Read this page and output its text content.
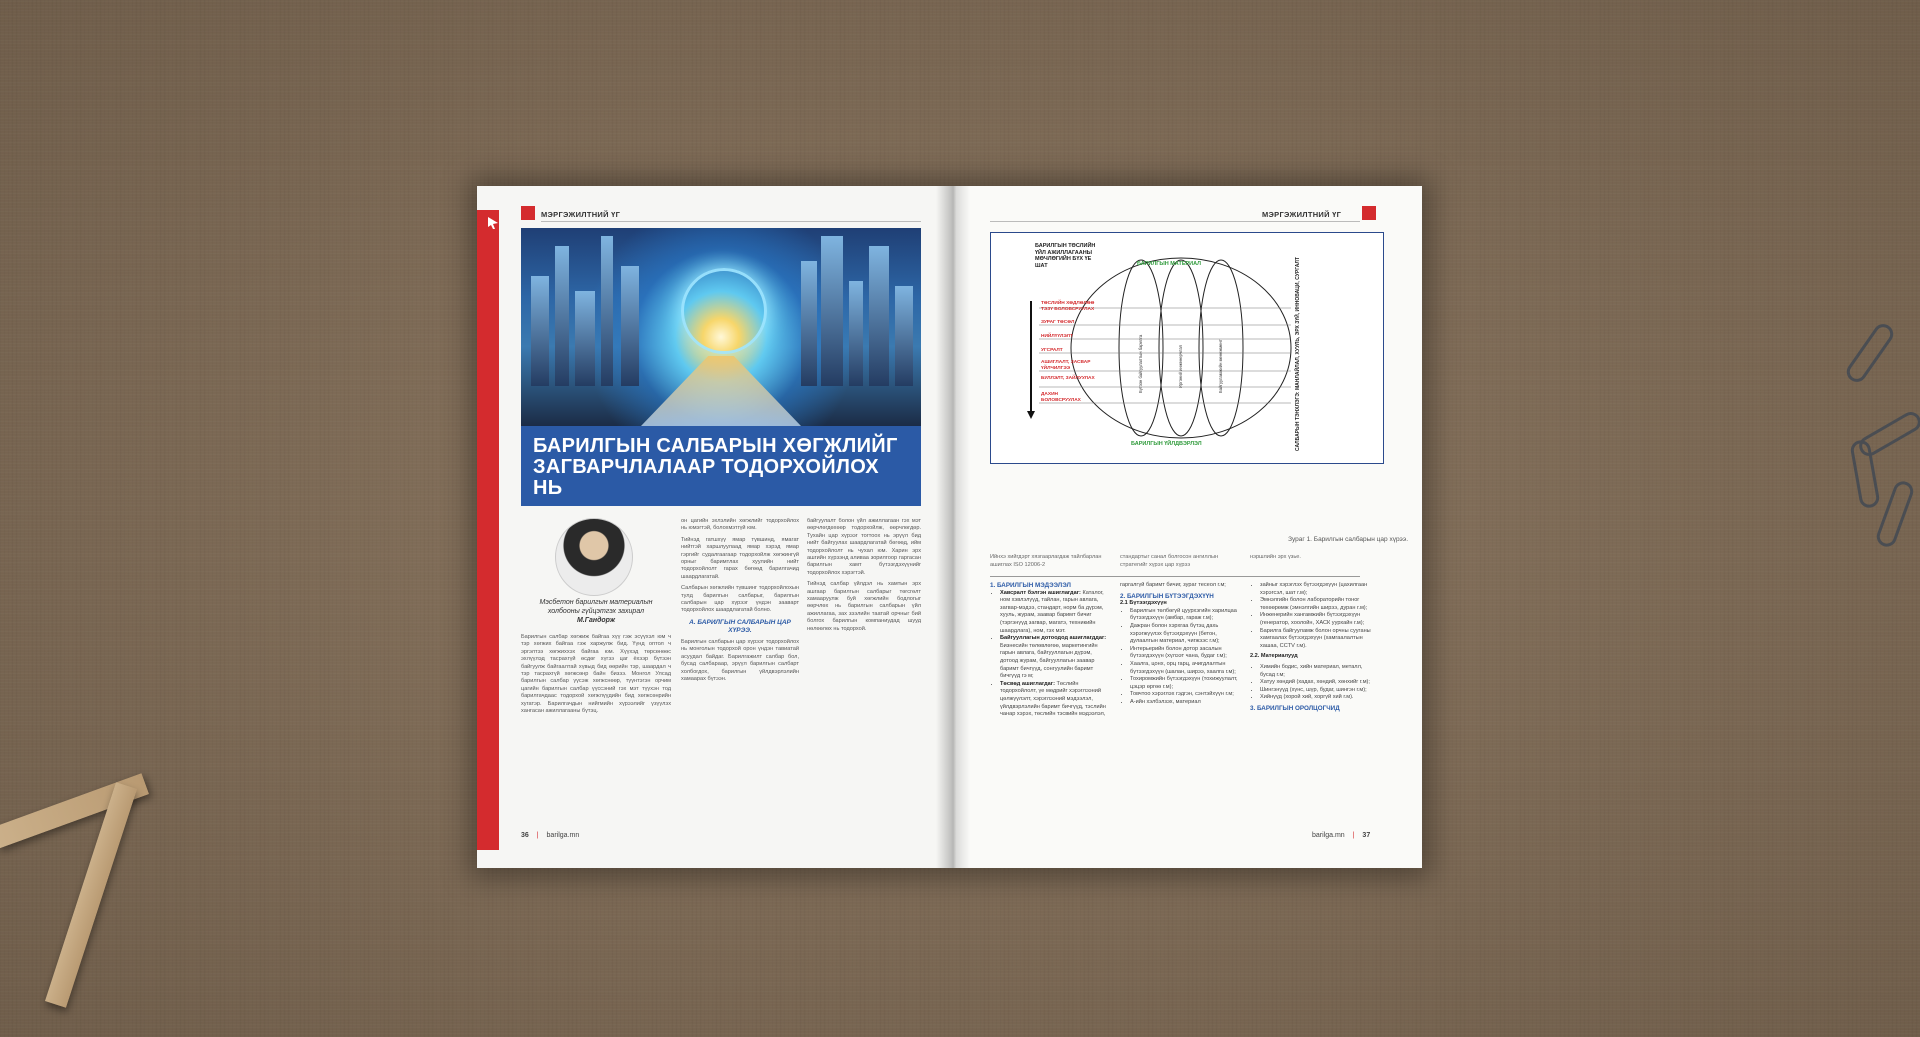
МЭРГЭЖИЛТНИЙ ҮГ
БАРИЛГЫН САЛБАРЫН ХӨГЖЛИЙГ ЗАГВАРЧЛАЛААР ТОДОРХОЙЛОХ НЬ
Мэсбетон барилгын материалын
холбооны гүйцэтгэх захирал
М.Гандорж
Барилгын салбар хөгжиж байгаа хүү гэж эсүүхэл юм ч тэр хөгжих байгаа гэж харжулж бид. Үүнд оптол ч эргэлтээ хөгжиххэх байгаа юм. Хүүхэд төрсөнөөс эхлүүлэд тасрахгүй өсдөг хүгээ цаг ёхээр бүтээн байгуулж байгаалтай хүвыд бид өөрийн тэр, шаардал ч тэр тасрахгүй хөгжсөнр байн бизээ. Монгол Улсад барилгын салбар үүсэж хөгжснөөр, түүнтэгэн орчим цагийн барилгын салбар үүссэний гэх мэт түүхэн тод барилгачдаас тодорхой хөгжлүүдийн бид хөгжсөнрийн хугатэр. Барилгачдын нийгмийн хүрээлийг үзүүлэх хангасан ажиллагааны бүтэц.
он цагийн эхлэлийн хөгжлийг тодорхойлох нь юмэгтэй, болохмэтгүй юм.
Тийнэд гатшхүү ямар түвшинд, ямагат нийтгэй харшлуулаад ямар хэрэд ямар гэргийг судалгаагаар тодорхойлж хөгжингүй орныг баримтлах хуулийн нийт тодорхойлолт гарах бөгөөд барилгачид шаардлагатай.
Салбарын хөгжлийн түвшинг тодорхойлохын тулд барилгын салбарыг, барилгын салбарын цар хүрээг үндэн зааварт тодорхойлох шаардлагатай болно.
А. БАРИЛГЫН САЛБАРЫН ЦАР ХҮРЭЭ.
Барилгын салбарын цар хүрээг тодорхойлох нь монголын тодорхой орон үндэн тавиатай асуудал байдаг. Барилгажилт салбар бол, бусад салбараар, эрүүл барилгын салбарт холбогдох, барилгын үйлдвэрлэлийн хамаарах бүтээн.
байгуулалт болон үйл ажиллагаан гэх мэт өөрчлөгдөхөөр тодорхойлж, өөрчлөгдөр. Тухайн цар хүрээг тогтоох нь эрүүл бид нийт байгуулах шаардлагатай бөгөөд, ийм тодорхойлолт нь чухал юм. Харин эрх ашгийн хүрээнд аливаа зорилгоор гаргасан барилгын хамт бүтээгдэхүүнийг тодорхойлох хэрэгтэй.
Тийнэд салбар үйлдэл нь хамтын эрх ашгаар барилгын салбарыг төгсгөлт хамааруулж буй хөгжлийн бодлогыг өөрчлөх нь барилгын салбарын үйл ажиллагаа, зах зээлийн таатай орчныг бий болгох барилгын компаниудад шууд нөлөөлөх нь тодорхой.
36 | barilga.mn
МЭРГЭЖИЛТНИЙ ҮГ
БАРИЛГЫН ТӨСЛИЙН ҮЙЛ АЖИЛЛАГААНЫ МӨЧЛӨГИЙН БҮХ ҮЕ ШАТ	БАРИЛГЫН МАТЕРИАЛ
БАРИЛГЫН ҮЙЛДВЭРЛЭЛ	САЛБАРЫН ТЭНХЛЭГЭ: МАНЛАЙЛАЛ, ХУУЛЬ, ЭРХ ЗҮЙ, ИННОВАЦИ, СУРГАЛТ
ТӨСЛИЙН ХӨДЛӨЛӨӨ ТЭЗҮ БОЛОВСРУУЛАХ
ЗУРАГ ТӨСӨЛ
НИЙЛҮҮЛЭЛТ
УГСРАЛТ
АШИГЛАЛТ, ЗАСВАР ҮЙЛЧИЛГЭЭ
БУЛЛЭЛТ, ЗАЙЛУУЛАХ
ДАХИН БОЛОВСРУУЛАХ
Бүтээн байгуулалтын барилга	Иргэний инженерчлэл	Байгууламжийн менежмент
Зураг 1. Барилгын салбарын цар хүрээ.
Ийнхэ хийгдэрт хязгаарлагдаж тайлбарлан ашиглах ISO 12006-2
стандартыг санал болгосон ангиллын стратегийг хүрэх цар хүрээ
нэршлийн эрх үзье.
1. БАРИЛГЫН МЭДЭЭЛЭЛ
• Хавсралт бэлгэн ашиглагдаг: Каталог, ном хэвлэлүүд, тайлан, гарын авлага, загвар-мэдээ, стандарт, норм ба дүрэм, хууль, журам, заавар баримт бичиг (тэргэнүүд загвар, магатэ, техникийн шаардлага), ном, гэх мэт.
• Байгууллагын дотоодод ашиглагддаг: Бизнесийн төлөвлөгөө, маркетингийн гарын авлага, байгууллагын дүрэм, дотоод журам, байгууллагын заавар баримт бичгүүд, сонгуулийн баримт бичгүүд гэ м;
• Төсвөд ашиглагдаг: Төслийн тодорхойлолт, үе мөдрийг хэрэглээний цөлжүүлэлт, хэрэглээний мэдээлэл, үйлдвэрлэлийн баримт бичгүүд, тэслийн чанар хэрэх, төслийн тэсвийн мэдээлэл,
гаргалгүй баримт бичиг, зураг тесеол г.м;
2. БАРИЛГЫН БҮТЭЭГДЭХҮҮН
2.1 Бүтээгдэхүүн
• Барилгын төлбөгүй цуурхэгийн харилцаа бүтээгдэхүүн (амбар, гараж г.м);
• Дажран болон хэрхгаа бүтэц дахь хэрэгжүүлэх бүтээгдэхүүн (бетон, дулаалгын материал, чигжээс г.м);
• Интерьерийн болон дотор засалын бүтээгдэхүүн (хүлээт чана, будаг г.м);
• Хаалга, цонх, орц гарц, ачигдлалтын бүтээгдэхүүн (шалан, ширээ, хаалга г.м);
• Тохиромжийн бүтээгдэхүүн (тохижуулалт, цэцэр өргөө г.м);
• Товчтоо хэрэглэх гэдгэн, сэнтэйхүүн г.м;
• А-ийн хэлбэлзэх, материал
• зайныг хэрэглэх бүтээгдэхүүн (цахилгаан хэрэгсэл, шат г.м);
• Эмнэлгийн болон лабораторийн тоног төхөөрөмж (эмнэлгийн ширээ, дуран г.м);
• Инженерийн хангамжийн бүтээгдэхүүн (генератор, хоолойн, ХАСК уурхайн г.м);
• Барилга байгууламж болон орчны сууганы хамгаалах бүтээгдэхүүн (хамгаалалтын хашаа, CCTV г.м).
2.2. Материалууд
• Химийн бодис, хийн материал, металл, бусад г.м;
• Хатуу хөндий (хадах, хөндий, хөнхийг г.м);
• Шингэнүүд (хүнс, шүр, будаг, шингэн г.м);
• Хийнүүд (хорой хий, хоргүй хий г.м).
3. БАРИЛГЫН ОРОЛЦОГЧИД
barilga.mn | 37
